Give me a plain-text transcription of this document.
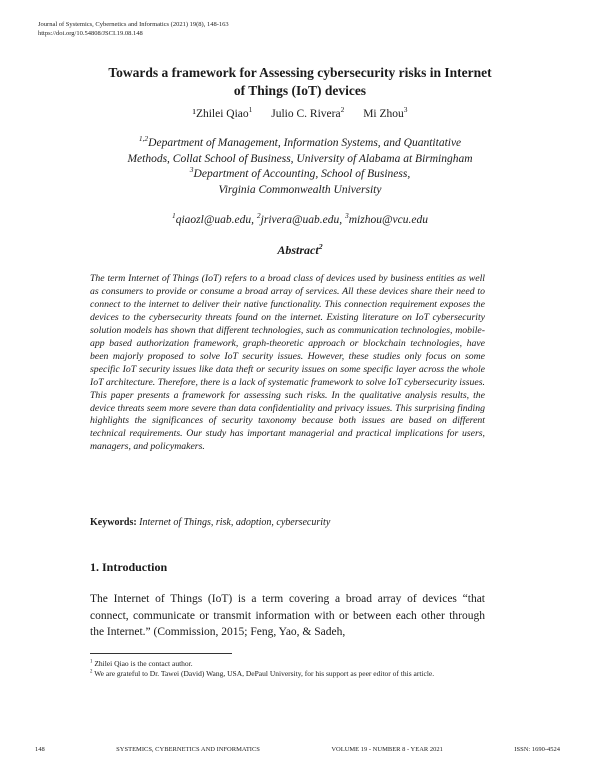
Journal of Systemics, Cybernetics and Informatics (2021) 19(8), 148-163
https://doi.org/10.54808/JSCI.19.08.148
Towards a framework for Assessing cybersecurity risks in Internet
of Things (IoT) devices
¹Zhilei Qiao$^1$ Julio C. Rivera$^2$ Mi Zhou$^3$
$^{1,2}$Department of Management, Information Systems, and Quantitative
Methods, Collat School of Business, University of Alabama at Birmingham
$^3$Department of Accounting, School of Business,
Virginia Commonwealth University
$^1$qiaozl@uab.edu, $^2$jrivera@uab.edu, $^3$mizhou@vcu.edu
Abstract$^2$

The term Internet of Things (IoT) refers to a broad class of devices used by business entities as well as consumers to provide or consume a broad array of services. All these devices share their need to connect to the internet to deliver their native functionality. This connection requirement exposes the devices to the cybersecurity threats found on the internet. Existing literature on IoT cybersecurity solution models has shown that different technologies, such as communication technologies, mobile-app based authorization framework, graph-theoretic approach or blockchain technologies, have been majorly proposed to solve IoT security issues. However, these studies only focus on some specific IoT security issues like data theft or security issues on some specific layer across the whole IoT architecture. Therefore, there is a lack of systematic framework to solve IoT cybersecurity issues. This paper presents a framework for assessing such risks. In the qualitative analysis results, the device threats seem more severe than data confidentiality and privacy issues. This surprising finding highlights the significances of security taxonomy because both issues are based on different technical requirements. Our study has important managerial and practical implications for users, managers, and policymakers.

Keywords: Internet of Things, risk, adoption, cybersecurity
1. Introduction

The Internet of Things (IoT) is a term covering a broad array of devices “that connect, communicate or transmit information with or between each other through the Internet.” (Commission, 2015; Feng, Yao, & Sadeh,

$^1$ Zhilei Qiao is the contact author.

$^2$ We are grateful to Dr. Tawei (David) Wang, USA, DePaul University, for his support as peer editor of this article.

148	SYSTEMICS, CYBERNETICS AND INFORMATICS	VOLUME 19 - NUMBER 8 - YEAR 2021	ISSN: 1690-4524
